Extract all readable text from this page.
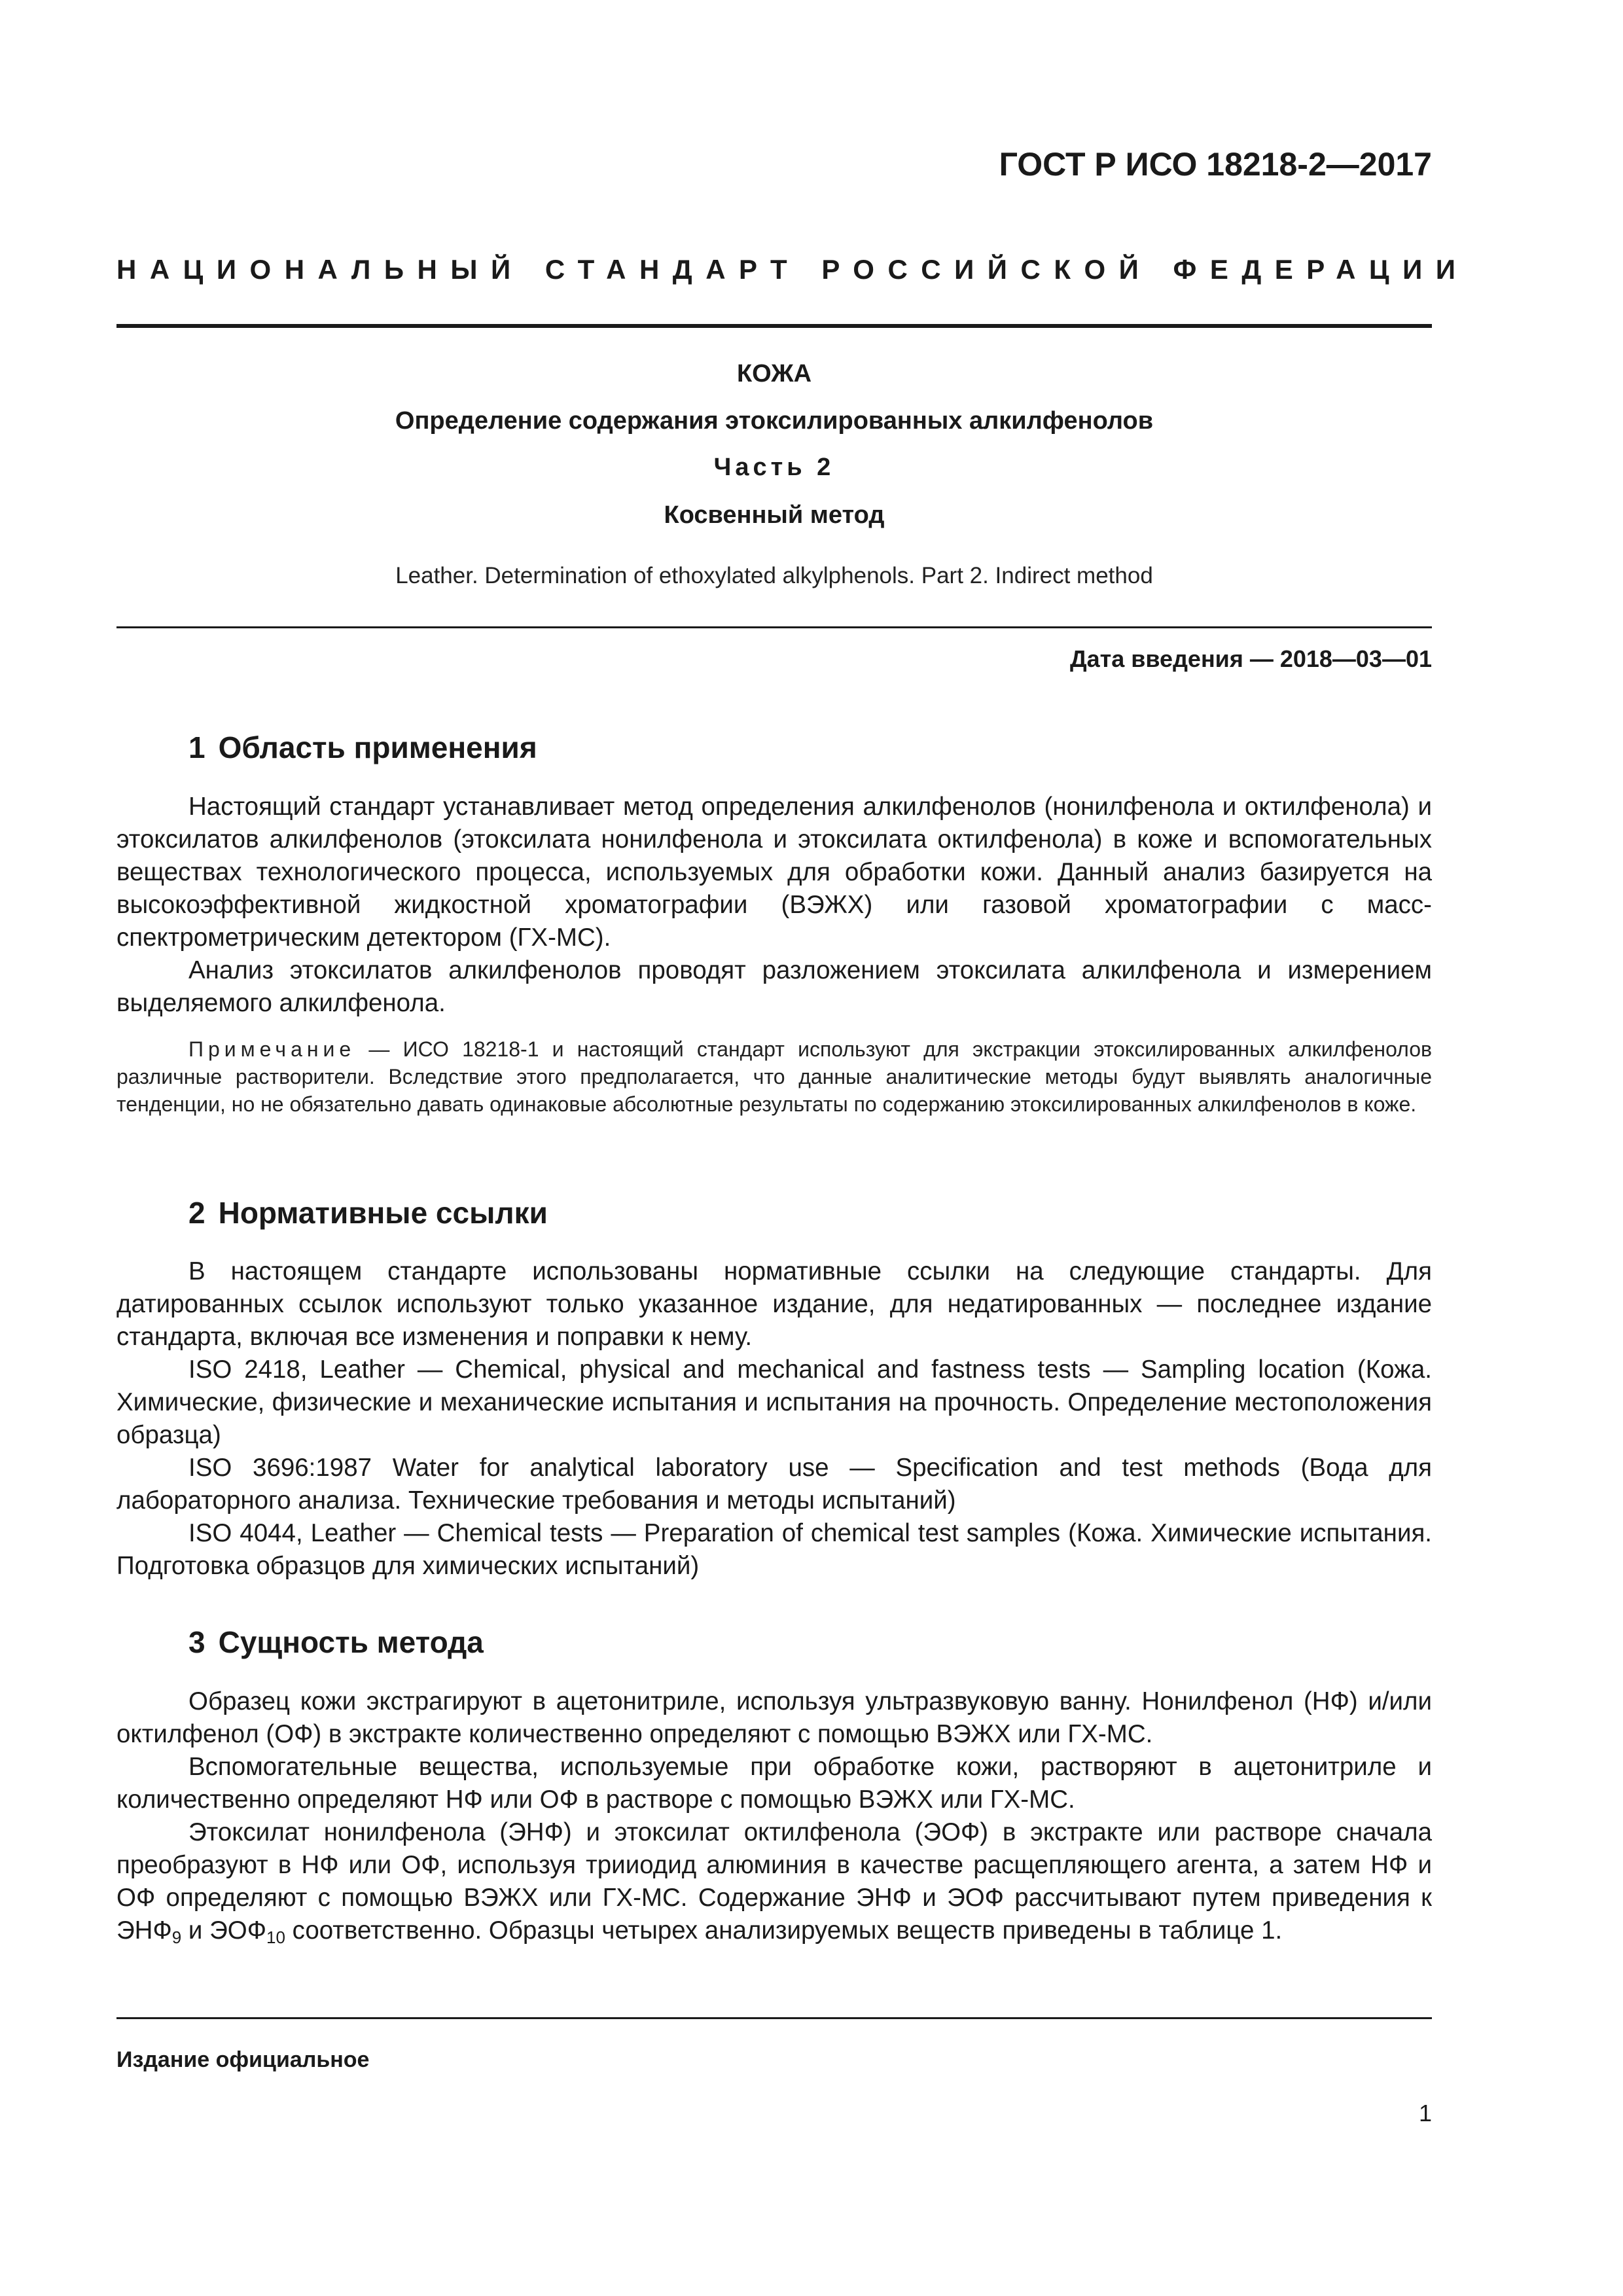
ГОСТ Р ИСО 18218-2—2017
НАЦИОНАЛЬНЫЙ СТАНДАРТ РОССИЙСКОЙ ФЕДЕРАЦИИ
КОЖА
Определение содержания этоксилированных алкилфенолов
Часть 2
Косвенный метод
Leather. Determination of ethoxylated alkylphenols. Part 2. Indirect method
Дата введения — 2018—03—01
1 Область применения

Настоящий стандарт устанавливает метод определения алкилфенолов (нонилфенола и октилфенола) и этоксилатов алкилфенолов (этоксилата нонилфенола и этоксилата октилфенола) в коже и вспомогательных веществах технологического процесса, используемых для обработки кожи. Данный анализ базируется на высокоэффективной жидкостной хроматографии (ВЭЖХ) или газовой хроматографии с масс-спектрометрическим детектором (ГХ-МС).

Анализ этоксилатов алкилфенолов проводят разложением этоксилата алкилфенола и измерением выделяемого алкилфенола.

Примечание — ИСО 18218-1 и настоящий стандарт используют для экстракции этоксилированных алкилфенолов различные растворители. Вследствие этого предполагается, что данные аналитические методы будут выявлять аналогичные тенденции, но не обязательно давать одинаковые абсолютные результаты по содержанию этоксилированных алкилфенолов в коже.

2 Нормативные ссылки

В настоящем стандарте использованы нормативные ссылки на следующие стандарты. Для датированных ссылок используют только указанное издание, для недатированных — последнее издание стандарта, включая все изменения и поправки к нему.

ISO 2418, Leather — Chemical, physical and mechanical and fastness tests — Sampling location (Кожа. Химические, физические и механические испытания и испытания на прочность. Определение местоположения образца)

ISO 3696:1987 Water for analytical laboratory use — Specification and test methods (Вода для лабораторного анализа. Технические требования и методы испытаний)

ISO 4044, Leather — Chemical tests — Preparation of chemical test samples (Кожа. Химические испытания. Подготовка образцов для химических испытаний)

3 Сущность метода

Образец кожи экстрагируют в ацетонитриле, используя ультразвуковую ванну. Нонилфенол (НФ) и/или октилфенол (ОФ) в экстракте количественно определяют с помощью ВЭЖХ или ГХ-МС.

Вспомогательные вещества, используемые при обработке кожи, растворяют в ацетонитриле и количественно определяют НФ или ОФ в растворе с помощью ВЭЖХ или ГХ-МС.

Этоксилат нонилфенола (ЭНФ) и этоксилат октилфенола (ЭОФ) в экстракте или растворе сначала преобразуют в НФ или ОФ, используя трииодид алюминия в качестве расщепляющего агента, а затем НФ и ОФ определяют с помощью ВЭЖХ или ГХ-МС. Содержание ЭНФ и ЭОФ рассчитывают путем приведения к $ЭНФ_9$ и $ЭОФ_{10}$ соответственно. Образцы четырех анализируемых веществ приведены в таблице 1.

Издание официальное
1
